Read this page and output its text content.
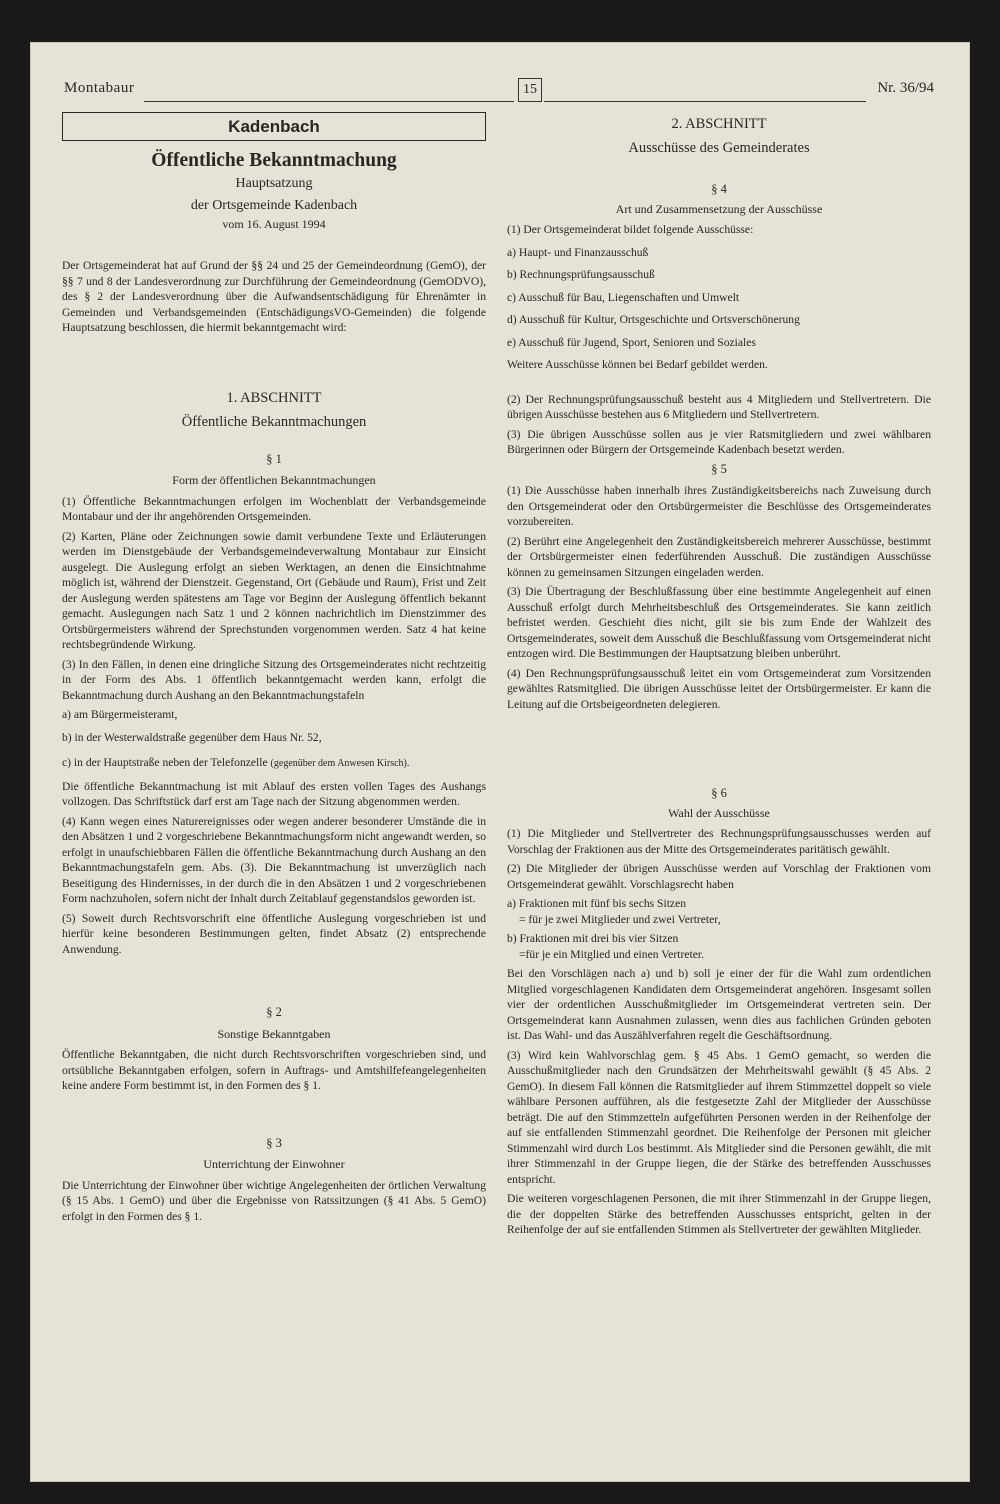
Montabaur	15	Nr. 36/94
Kadenbach
Öffentliche Bekanntmachung
Hauptsatzung
der Ortsgemeinde Kadenbach
vom 16. August 1994

Der Ortsgemeinderat hat auf Grund der §§ 24 und 25 der Gemeindeordnung (GemO), der §§ 7 und 8 der Landesverordnung zur Durchführung der Gemeindeordnung (GemODVO), des § 2 der Landesverordnung über die Aufwandsentschädigung für Ehrenämter in Gemeinden und Verbandsgemeinden (EntschädigungsVO-Gemeinden) die folgende Hauptsatzung beschlossen, die hiermit bekanntgemacht wird:

1. ABSCHNITT
Öffentliche Bekanntmachungen
§ 1
Form der öffentlichen Bekanntmachungen

(1) Öffentliche Bekanntmachungen erfolgen im Wochenblatt der Verbandsgemeinde Montabaur und der ihr angehörenden Ortsgemeinden.

(2) Karten, Pläne oder Zeichnungen sowie damit verbundene Texte und Erläuterungen werden im Dienstgebäude der Verbandsgemeindeverwaltung Montabaur zur Einsicht ausgelegt. Die Auslegung erfolgt an sieben Werktagen, an denen die Einsichtnahme möglich ist, während der Dienstzeit. Gegenstand, Ort (Gebäude und Raum), Frist und Zeit der Auslegung werden spätestens am Tage vor Beginn der Auslegung öffentlich bekannt gemacht. Auslegungen nach Satz 1 und 2 können nachrichtlich im Dienstzimmer des Ortsbürgermeisters während der Sprechstunden vorgenommen werden. Satz 4 hat keine rechtsbegründende Wirkung.

(3) In den Fällen, in denen eine dringliche Sitzung des Ortsgemeinderates nicht rechtzeitig in der Form des Abs. 1 öffentlich bekanntgemacht werden kann, erfolgt die Bekanntmachung durch Aushang an den Bekanntmachungstafeln

a) am Bürgermeisteramt,

b) in der Westerwaldstraße gegenüber dem Haus Nr. 52,

c) in der Hauptstraße neben der Telefonzelle (gegenüber dem Anwesen Kirsch).

Die öffentliche Bekanntmachung ist mit Ablauf des ersten vollen Tages des Aushangs vollzogen. Das Schriftstück darf erst am Tage nach der Sitzung abgenommen werden.

(4) Kann wegen eines Naturereignisses oder wegen anderer besonderer Umstände die in den Absätzen 1 und 2 vorgeschriebene Bekanntmachungsform nicht angewandt werden, so erfolgt in unaufschiebbaren Fällen die öffentliche Bekanntmachung durch Aushang an den Bekanntmachungstafeln gem. Abs. (3). Die Bekanntmachung ist unverzüglich nach Beseitigung des Hindernisses, in der durch die in den Absätzen 1 und 2 vorgeschriebenen Form nachzuholen, sofern nicht der Inhalt durch Zeitablauf gegenstandslos geworden ist.

(5) Soweit durch Rechtsvorschrift eine öffentliche Auslegung vorgeschrieben ist und hierfür keine besonderen Bestimmungen gelten, findet Absatz (2) entsprechende Anwendung.

§ 2
Sonstige Bekanntgaben

Öffentliche Bekanntgaben, die nicht durch Rechtsvorschriften vorgeschrieben sind, und ortsübliche Bekanntgaben erfolgen, sofern in Auftrags- und Amtshilfefeangelegenheiten keine andere Form bestimmt ist, in den Formen des § 1.

§ 3
Unterrichtung der Einwohner

Die Unterrichtung der Einwohner über wichtige Angelegenheiten der örtlichen Verwaltung (§ 15 Abs. 1 GemO) und über die Ergebnisse von Ratssitzungen (§ 41 Abs. 5 GemO) erfolgt in den Formen des § 1.

2. ABSCHNITT
Ausschüsse des Gemeinderates
§ 4
Art und Zusammensetzung der Ausschüsse

(1) Der Ortsgemeinderat bildet folgende Ausschüsse:

a) Haupt- und Finanzausschuß

b) Rechnungsprüfungsausschuß

c) Ausschuß für Bau, Liegenschaften und Umwelt

d) Ausschuß für Kultur, Ortsgeschichte und Ortsverschönerung

e) Ausschuß für Jugend, Sport, Senioren und Soziales

Weitere Ausschüsse können bei Bedarf gebildet werden.

(2) Der Rechnungsprüfungsausschuß besteht aus 4 Mitgliedern und Stellvertretern. Die übrigen Ausschüsse bestehen aus 6 Mitgliedern und Stellvertretern.

(3) Die übrigen Ausschüsse sollen aus je vier Ratsmitgliedern und zwei wählbaren Bürgerinnen oder Bürgern der Ortsgemeinde Kadenbach besetzt werden.

§ 5

(1) Die Ausschüsse haben innerhalb ihres Zuständigkeitsbereichs nach Zuweisung durch den Ortsgemeinderat oder den Ortsbürgermeister die Beschlüsse des Ortsgemeinderates vorzubereiten.

(2) Berührt eine Angelegenheit den Zuständigkeitsbereich mehrerer Ausschüsse, bestimmt der Ortsbürgermeister einen federführenden Ausschuß. Die zuständigen Ausschüsse können zu gemeinsamen Sitzungen eingeladen werden.

(3) Die Übertragung der Beschlußfassung über eine bestimmte Angelegenheit auf einen Ausschuß erfolgt durch Mehrheitsbeschluß des Ortsgemeinderates. Sie kann zeitlich befristet werden. Geschieht dies nicht, gilt sie bis zum Ende der Wahlzeit des Ortsgemeinderates, soweit dem Ausschuß die Beschlußfassung vom Ortsgemeinderat nicht entzogen wird. Die Bestimmungen der Hauptsatzung bleiben unberührt.

(4) Den Rechnungsprüfungsausschuß leitet ein vom Ortsgemeinderat zum Vorsitzenden gewähltes Ratsmitglied. Die übrigen Ausschüsse leitet der Ortsbürgermeister. Er kann die Leitung auf die Ortsbeigeordneten delegieren.

§ 6
Wahl der Ausschüsse

(1) Die Mitglieder und Stellvertreter des Rechnungsprüfungsausschusses werden auf Vorschlag der Fraktionen aus der Mitte des Ortsgemeinderates paritätisch gewählt.

(2) Die Mitglieder der übrigen Ausschüsse werden auf Vorschlag der Fraktionen vom Ortsgemeinderat gewählt. Vorschlagsrecht haben

a) Fraktionen mit fünf bis sechs Sitzen

= für je zwei Mitglieder und zwei Vertreter,

b) Fraktionen mit drei bis vier Sitzen

=für je ein Mitglied und einen Vertreter.

Bei den Vorschlägen nach a) und b) soll je einer der für die Wahl zum ordentlichen Mitglied vorgeschlagenen Kandidaten dem Ortsgemeinderat angehören. Insgesamt sollen vier der ordentlichen Ausschußmitglieder im Ortsgemeinderat vertreten sein. Der Ortsgemeinderat kann Ausnahmen zulassen, wenn dies aus fachlichen Gründen geboten ist. Das Wahl- und das Auszählverfahren regelt die Geschäftsordnung.

(3) Wird kein Wahlvorschlag gem. § 45 Abs. 1 GemO gemacht, so werden die Ausschußmitglieder nach den Grundsätzen der Mehrheitswahl gewählt (§ 45 Abs. 2 GemO). In diesem Fall können die Ratsmitglieder auf ihrem Stimmzettel doppelt so viele wählbare Personen aufführen, als die festgesetzte Zahl der Mitglieder der Ausschüsse beträgt. Die auf den Stimmzetteln aufgeführten Personen werden in der Reihenfolge der auf sie entfallenden Stimmenzahl geordnet. Die Reihenfolge der Personen mit gleicher Stimmenzahl wird durch Los bestimmt. Als Mitglieder sind die Personen gewählt, die mit ihrer Stimmenzahl in der Gruppe liegen, die der Stärke des betreffenden Ausschusses entspricht.

Die weiteren vorgeschlagenen Personen, die mit ihrer Stimmenzahl in der Gruppe liegen, die der doppelten Stärke des betreffenden Ausschusses entspricht, gelten in der Reihenfolge der auf sie entfallenden Stimmen als Stellvertreter der gewählten Mitglieder.
